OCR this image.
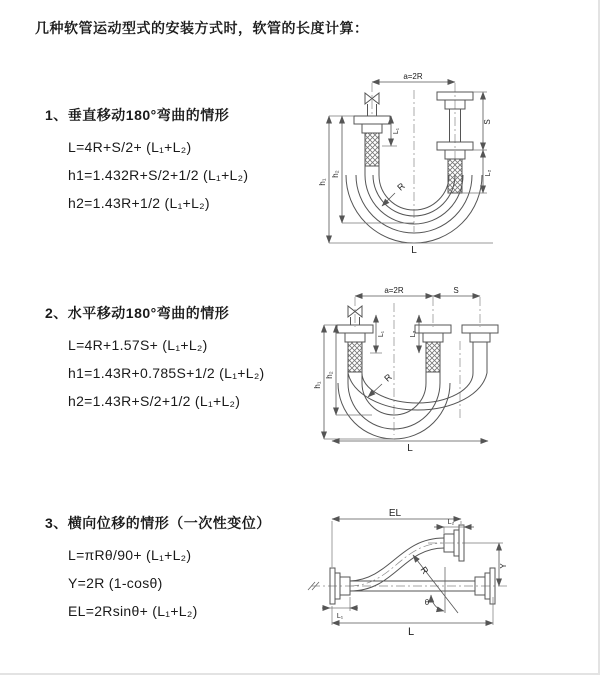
几种软管运动型式的安装方式时，软管的长度计算：
1、垂直移动180°弯曲的情形
L=4R+S/2+ (L₁+L₂)
h1=1.432R+S/2+1/2 (L₁+L₂)
h2=1.43R+1/2 (L₁+L₂)
2、水平移动180°弯曲的情形
L=4R+1.57S+ (L₁+L₂)
h1=1.43R+0.785S+1/2 (L₁+L₂)
h2=1.43R+S/2+1/2 (L₁+L₂)
3、横向位移的情形（一次性变位）
L=πRθ/90+ (L₁+L₂)
Y=2R (1-cosθ)
EL=2Rsinθ+ (L₁+L₂)
a=2R
h₁
h₂
L₁
S
L₂
R
L
a=2R	S
h₁
h₂
L₁	L₂
R
L
EL
L₂
Y
R
θ
L₁
L
